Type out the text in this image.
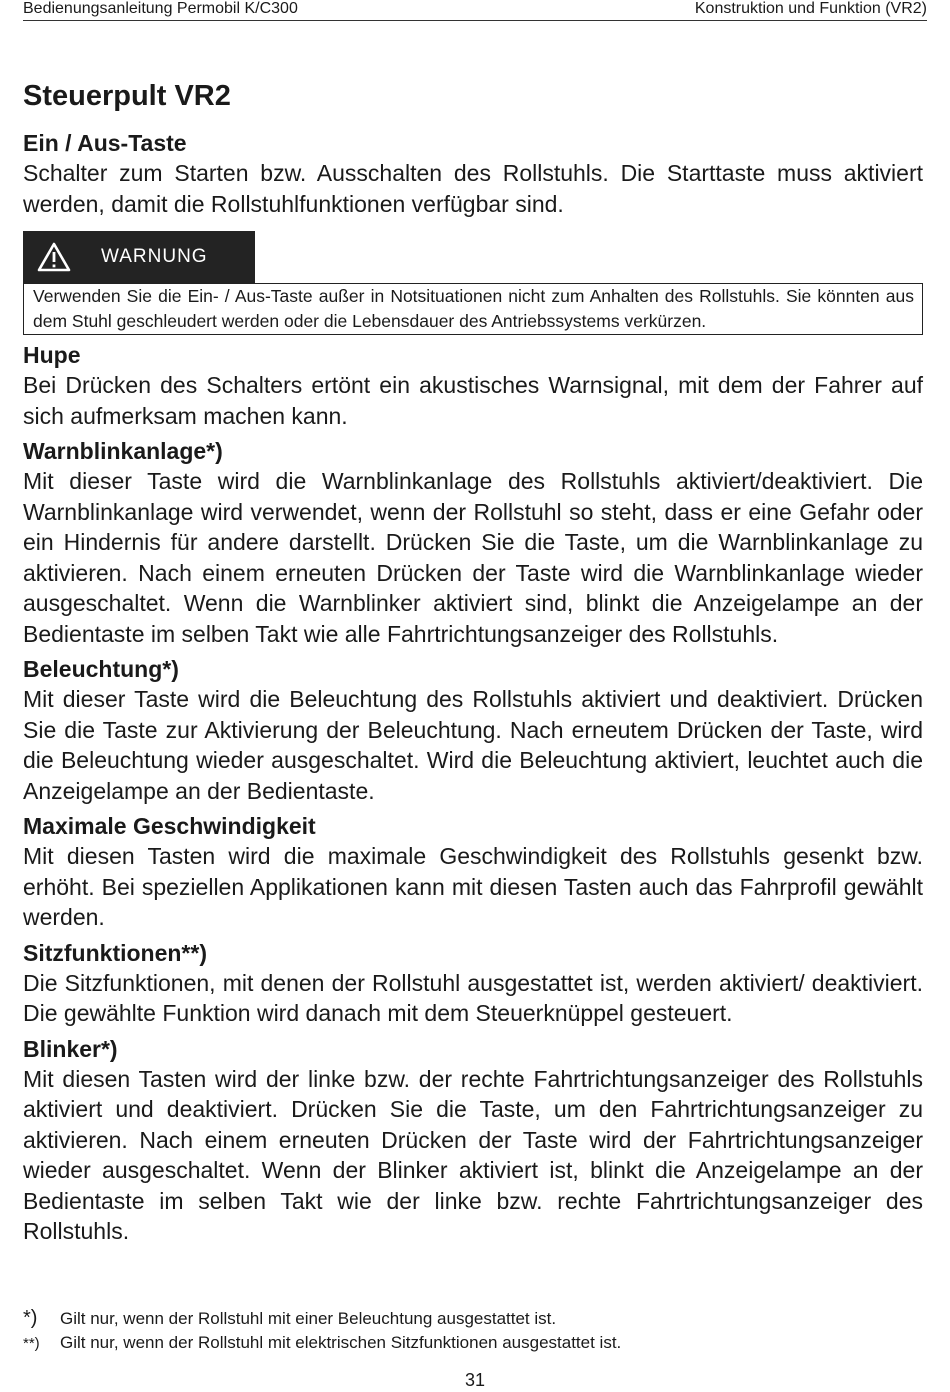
Bedienungsanleitung Permobil K/C300	Konstruktion und Funktion (VR2)
Steuerpult VR2
Ein / Aus-Taste

Schalter zum Starten bzw. Ausschalten des Rollstuhls. Die Starttaste muss aktiviert werden, damit die Rollstuhlfunktionen verfügbar sind.

WARNUNG
Verwenden Sie die Ein- / Aus-Taste außer in Notsituationen nicht zum Anhalten des Rollstuhls. Sie könnten aus dem Stuhl geschleudert werden oder die Lebensdauer des Antriebssystems verkürzen.
Hupe

Bei Drücken des Schalters ertönt ein akustisches Warnsignal, mit dem der Fahrer auf sich aufmerksam machen kann.

Warnblinkanlage*)

Mit dieser Taste wird die Warnblinkanlage des Rollstuhls aktiviert/deaktiviert. Die Warnblinkanlage wird verwendet, wenn der Rollstuhl so steht, dass er eine Gefahr oder ein Hindernis für andere darstellt. Drücken Sie die Taste, um die Warnblinkanlage zu aktivieren. Nach einem erneuten Drücken der Taste wird die Warnblinkanlage wieder ausgeschaltet. Wenn die Warnblinker aktiviert sind, blinkt die Anzeigelampe an der Bedientaste im selben Takt wie alle Fahrtrichtungsanzeiger des Rollstuhls.

Beleuchtung*)

Mit dieser Taste wird die Beleuchtung des Rollstuhls aktiviert und deaktiviert. Drücken Sie die Taste zur Aktivierung der Beleuchtung. Nach erneutem Drücken der Taste, wird die Beleuchtung wieder ausgeschaltet. Wird die Beleuchtung aktiviert, leuchtet auch die Anzeigelampe an der Bedientaste.

Maximale Geschwindigkeit

Mit diesen Tasten wird die maximale Geschwindigkeit des Rollstuhls gesenkt bzw. erhöht. Bei speziellen Applikationen kann mit diesen Tasten auch das Fahrprofil gewählt werden.

Sitzfunktionen**)

Die Sitzfunktionen, mit denen der Rollstuhl ausgestattet ist, werden aktiviert/ deaktiviert. Die gewählte Funktion wird danach mit dem Steuerknüppel gesteuert.

Blinker*)

Mit diesen Tasten wird der linke bzw. der rechte Fahrtrichtungsanzeiger des Rollstuhls aktiviert und deaktiviert. Drücken Sie die Taste, um den Fahrtrichtungsanzeiger zu aktivieren. Nach einem erneuten Drücken der Taste wird der Fahrtrichtungsanzeiger wieder ausgeschaltet. Wenn der Blinker aktiviert ist, blinkt die Anzeigelampe an der Bedientaste im selben Takt wie der linke bzw. rechte Fahrtrichtungsanzeiger des Rollstuhls.

*)	Gilt nur, wenn der Rollstuhl mit einer Beleuchtung ausgestattet ist.
**)	Gilt nur, wenn der Rollstuhl mit elektrischen Sitzfunktionen ausgestattet ist.
31
